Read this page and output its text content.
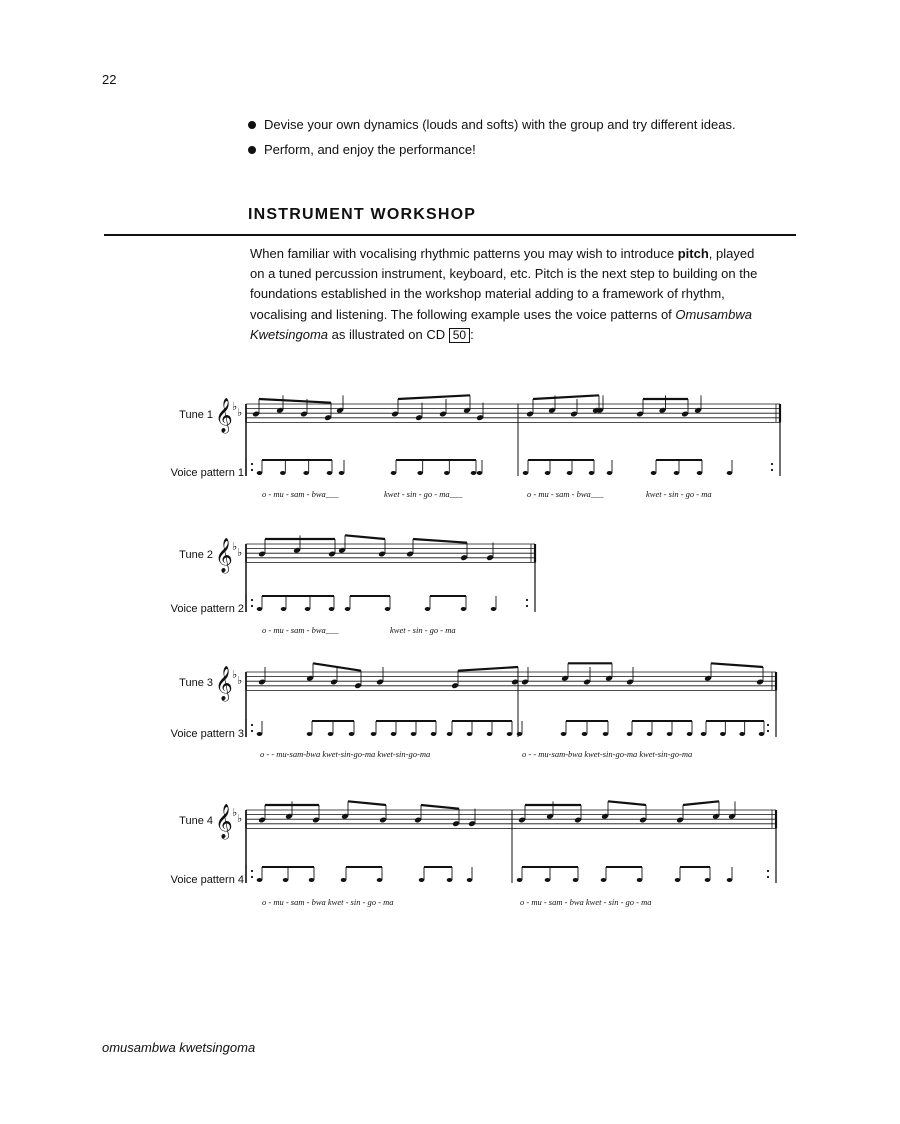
22
Devise your own dynamics (louds and softs) with the group and try different ideas.
Perform, and enjoy the performance!
INSTRUMENT WORKSHOP
When familiar with vocalising rhythmic patterns you may wish to introduce pitch, played on a tuned percussion instrument, keyboard, etc. Pitch is the next step to building on the foundations established in the workshop material adding to a framework of rhythm, vocalising and listening. The following example uses the voice patterns of Omusambwa Kwetsingoma as illustrated on CD 50 :
𝄞 ♭ ♭
Tune 1
Voice pattern 1
o - mu - sam - bwa___	kwet - sin - go - ma___	o - mu - sam - bwa___	kwet - sin - go - ma
𝄞 ♭ ♭
Tune 2
Voice pattern 2
o - mu - sam - bwa___	kwet - sin - go - ma
𝄞 ♭ ♭
Tune 3
Voice pattern 3
o - - mu-sam-bwa kwet-sin-go-ma kwet-sin-go-ma	o - - mu-sam-bwa kwet-sin-go-ma kwet-sin-go-ma
𝄞 ♭ ♭
Tune 4
Voice pattern 4
o - mu - sam - bwa kwet - sin - go - ma	o - mu - sam - bwa kwet - sin - go - ma
omusambwa kwetsingoma
